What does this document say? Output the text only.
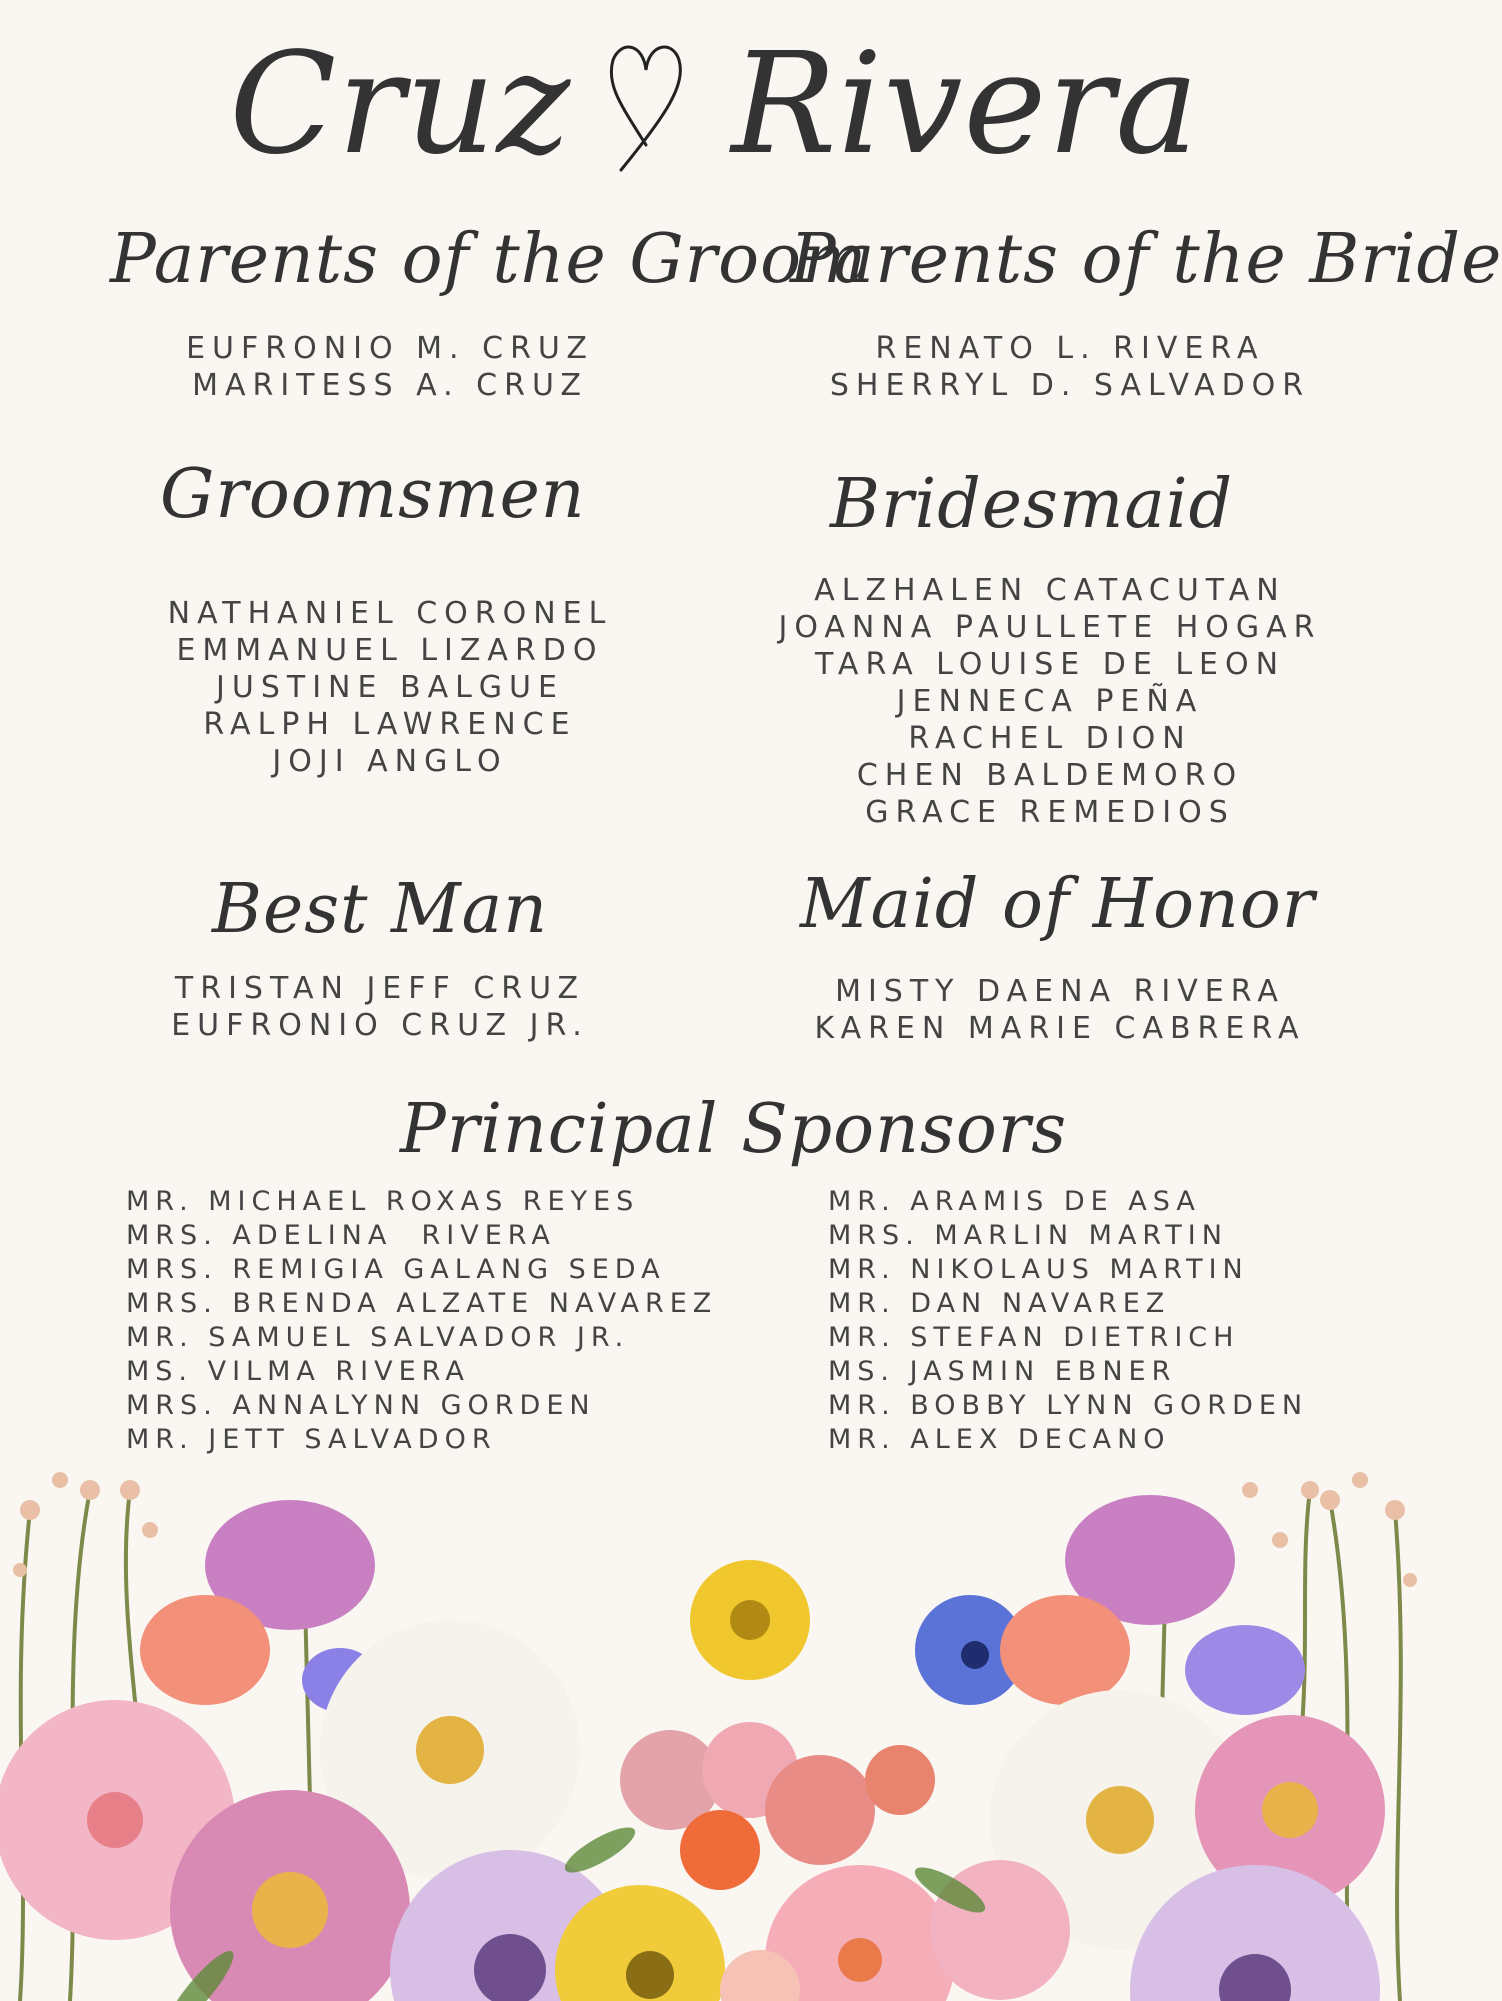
Cruz Rivera
Parents of the Groom
Parents of the Bride
EUFRONIO M. CRUZ
MARITESS A. CRUZ
RENATO L. RIVERA
SHERRYL D. SALVADOR
Groomsmen	Bridesmaid
NATHANIEL CORONEL
EMMANUEL LIZARDO
JUSTINE BALGUE
RALPH LAWRENCE
JOJI ANGLO
ALZHALEN CATACUTAN
JOANNA PAULLETE HOGAR
TARA LOUISE DE LEON
JENNECA PEÑA
RACHEL DION
CHEN BALDEMORO
GRACE REMEDIOS
Best Man	Maid of Honor
TRISTAN JEFF CRUZ
EUFRONIO CRUZ JR.
MISTY DAENA RIVERA
KAREN MARIE CABRERA
Principal Sponsors
MR. MICHAEL ROXAS REYES
MRS. ADELINA  RIVERA
MRS. REMIGIA GALANG SEDA
MRS. BRENDA ALZATE NAVAREZ
MR. SAMUEL SALVADOR JR.
MS. VILMA RIVERA
MRS. ANNALYNN GORDEN
MR. JETT SALVADOR
MR. ARAMIS DE ASA
MRS. MARLIN MARTIN
MR. NIKOLAUS MARTIN
MR. DAN NAVAREZ
MR. STEFAN DIETRICH
MS. JASMIN EBNER
MR. BOBBY LYNN GORDEN
MR. ALEX DECANO
